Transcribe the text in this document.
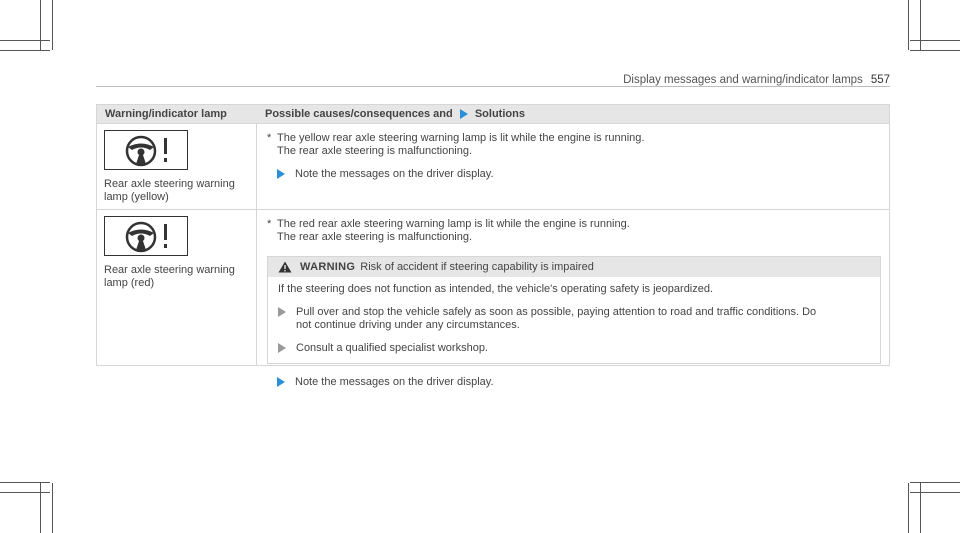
Display messages and warning/indicator lamps 557
Warning/indicator lamp	Possible causes/consequences and Solutions
Rear axle steering warning
lamp (yellow)
* The yellow rear axle steering warning lamp is lit while the engine is running.
The rear axle steering is malfunctioning.
Note the messages on the driver display.
Rear axle steering warning
lamp (red)
* The red rear axle steering warning lamp is lit while the engine is running.
The rear axle steering is malfunctioning.
WARNING Risk of accident if steering capability is impaired
If the steering does not function as intended, the vehicle's operating safety is jeopardized.
Pull over and stop the vehicle safely as soon as possible, paying attention to road and traffic conditions. Do
not continue driving under any circumstances.
Consult a qualified specialist workshop.
Note the messages on the driver display.
